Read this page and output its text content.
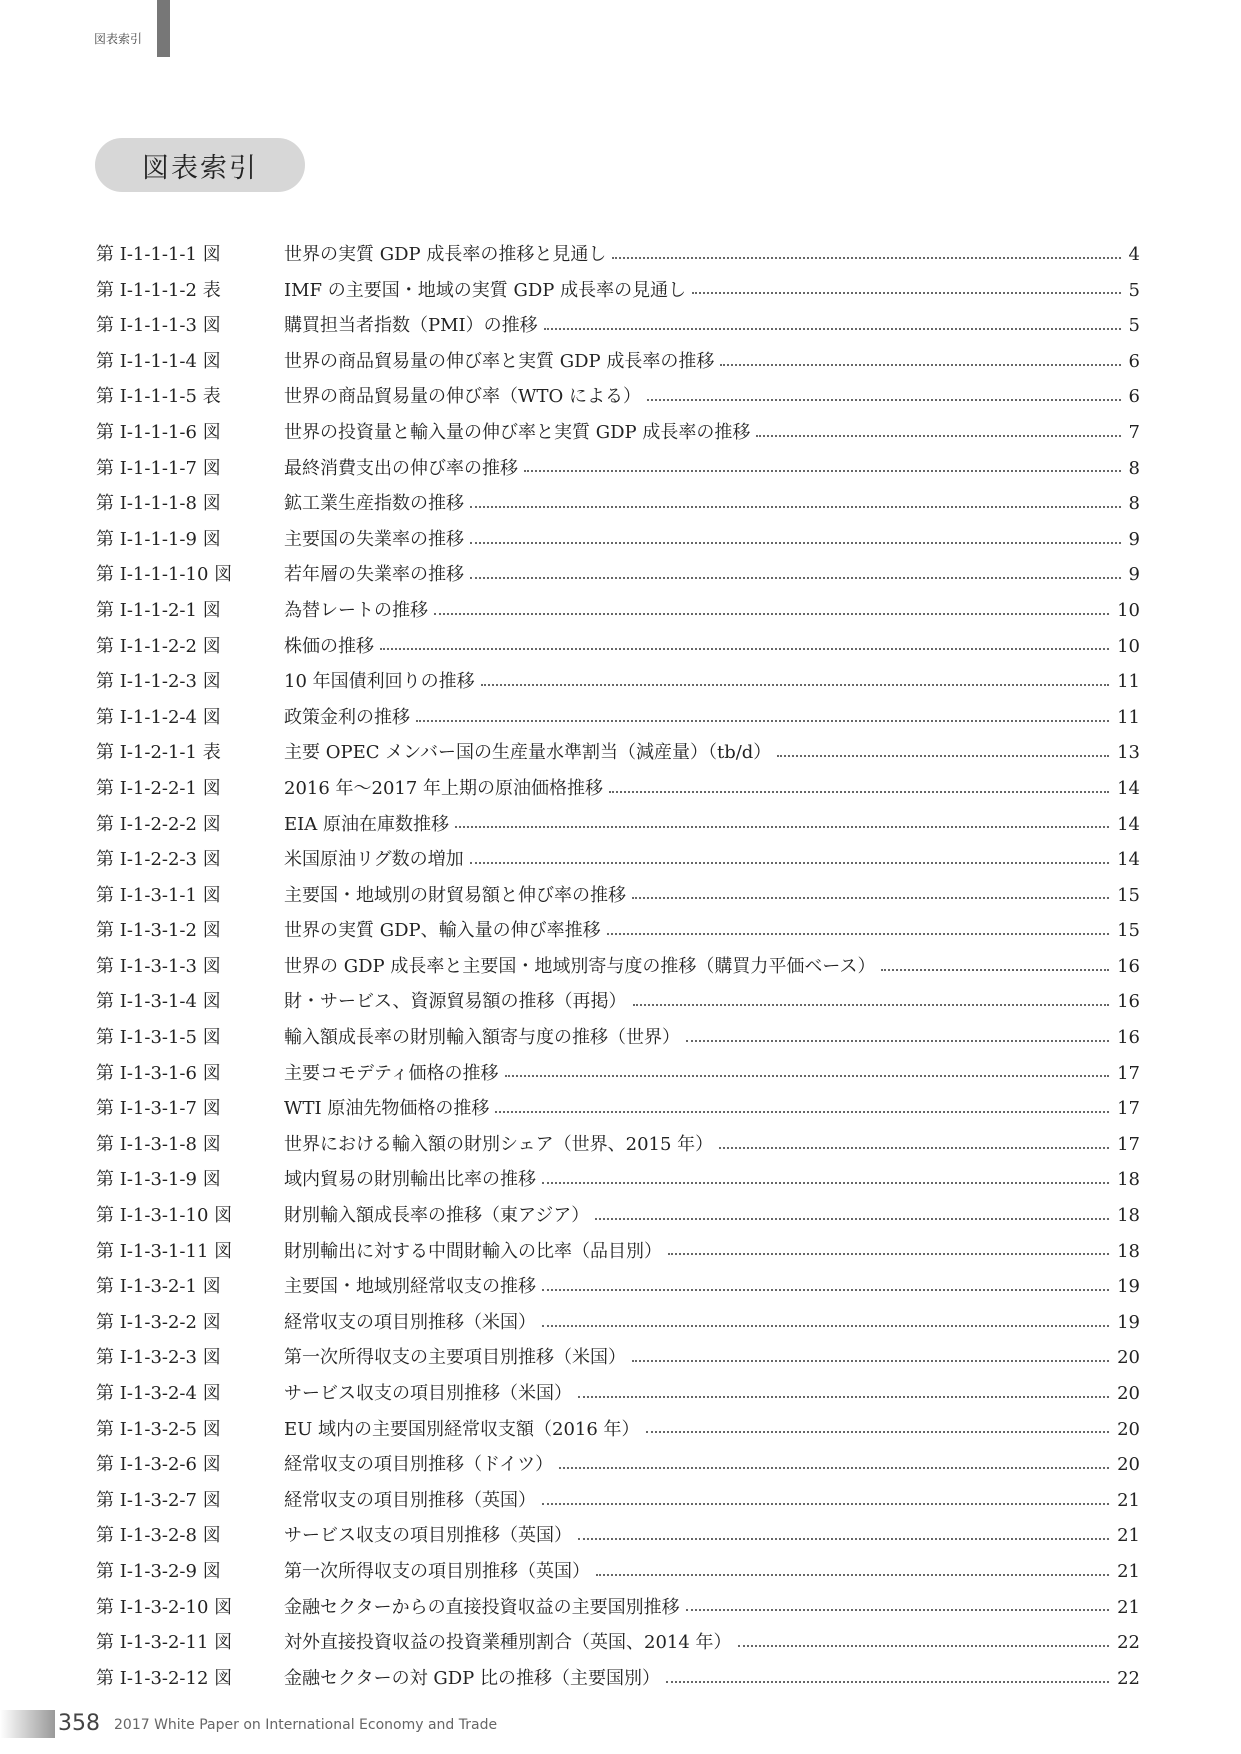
図表索引
図表索引
第 I-1-1-1-1 図	世界の実質 GDP 成長率の推移と見通し	4
第 I-1-1-1-2 表	IMF の主要国・地域の実質 GDP 成長率の見通し	5
第 I-1-1-1-3 図	購買担当者指数（PMI）の推移	5
第 I-1-1-1-4 図	世界の商品貿易量の伸び率と実質 GDP 成長率の推移	6
第 I-1-1-1-5 表	世界の商品貿易量の伸び率（WTO による）	6
第 I-1-1-1-6 図	世界の投資量と輸入量の伸び率と実質 GDP 成長率の推移	7
第 I-1-1-1-7 図	最終消費支出の伸び率の推移	8
第 I-1-1-1-8 図	鉱工業生産指数の推移	8
第 I-1-1-1-9 図	主要国の失業率の推移	9
第 I-1-1-1-10 図	若年層の失業率の推移	9
第 I-1-1-2-1 図	為替レートの推移	10
第 I-1-1-2-2 図	株価の推移	10
第 I-1-1-2-3 図	10 年国債利回りの推移	11
第 I-1-1-2-4 図	政策金利の推移	11
第 I-1-2-1-1 表	主要 OPEC メンバー国の生産量水準割当（減産量）（tb/d）	13
第 I-1-2-2-1 図	2016 年～2017 年上期の原油価格推移	14
第 I-1-2-2-2 図	EIA 原油在庫数推移	14
第 I-1-2-2-3 図	米国原油リグ数の増加	14
第 I-1-3-1-1 図	主要国・地域別の財貿易額と伸び率の推移	15
第 I-1-3-1-2 図	世界の実質 GDP、輸入量の伸び率推移	15
第 I-1-3-1-3 図	世界の GDP 成長率と主要国・地域別寄与度の推移（購買力平価ベース）	16
第 I-1-3-1-4 図	財・サービス、資源貿易額の推移（再掲）	16
第 I-1-3-1-5 図	輸入額成長率の財別輸入額寄与度の推移（世界）	16
第 I-1-3-1-6 図	主要コモデティ価格の推移	17
第 I-1-3-1-7 図	WTI 原油先物価格の推移	17
第 I-1-3-1-8 図	世界における輸入額の財別シェア（世界、2015 年）	17
第 I-1-3-1-9 図	域内貿易の財別輸出比率の推移	18
第 I-1-3-1-10 図	財別輸入額成長率の推移（東アジア）	18
第 I-1-3-1-11 図	財別輸出に対する中間財輸入の比率（品目別）	18
第 I-1-3-2-1 図	主要国・地域別経常収支の推移	19
第 I-1-3-2-2 図	経常収支の項目別推移（米国）	19
第 I-1-3-2-3 図	第一次所得収支の主要項目別推移（米国）	20
第 I-1-3-2-4 図	サービス収支の項目別推移（米国）	20
第 I-1-3-2-5 図	EU 域内の主要国別経常収支額（2016 年）	20
第 I-1-3-2-6 図	経常収支の項目別推移（ドイツ）	20
第 I-1-3-2-7 図	経常収支の項目別推移（英国）	21
第 I-1-3-2-8 図	サービス収支の項目別推移（英国）	21
第 I-1-3-2-9 図	第一次所得収支の項目別推移（英国）	21
第 I-1-3-2-10 図	金融セクターからの直接投資収益の主要国別推移	21
第 I-1-3-2-11 図	対外直接投資収益の投資業種別割合（英国、2014 年）	22
第 I-1-3-2-12 図	金融セクターの対 GDP 比の推移（主要国別）	22
358 2017 White Paper on International Economy and Trade
